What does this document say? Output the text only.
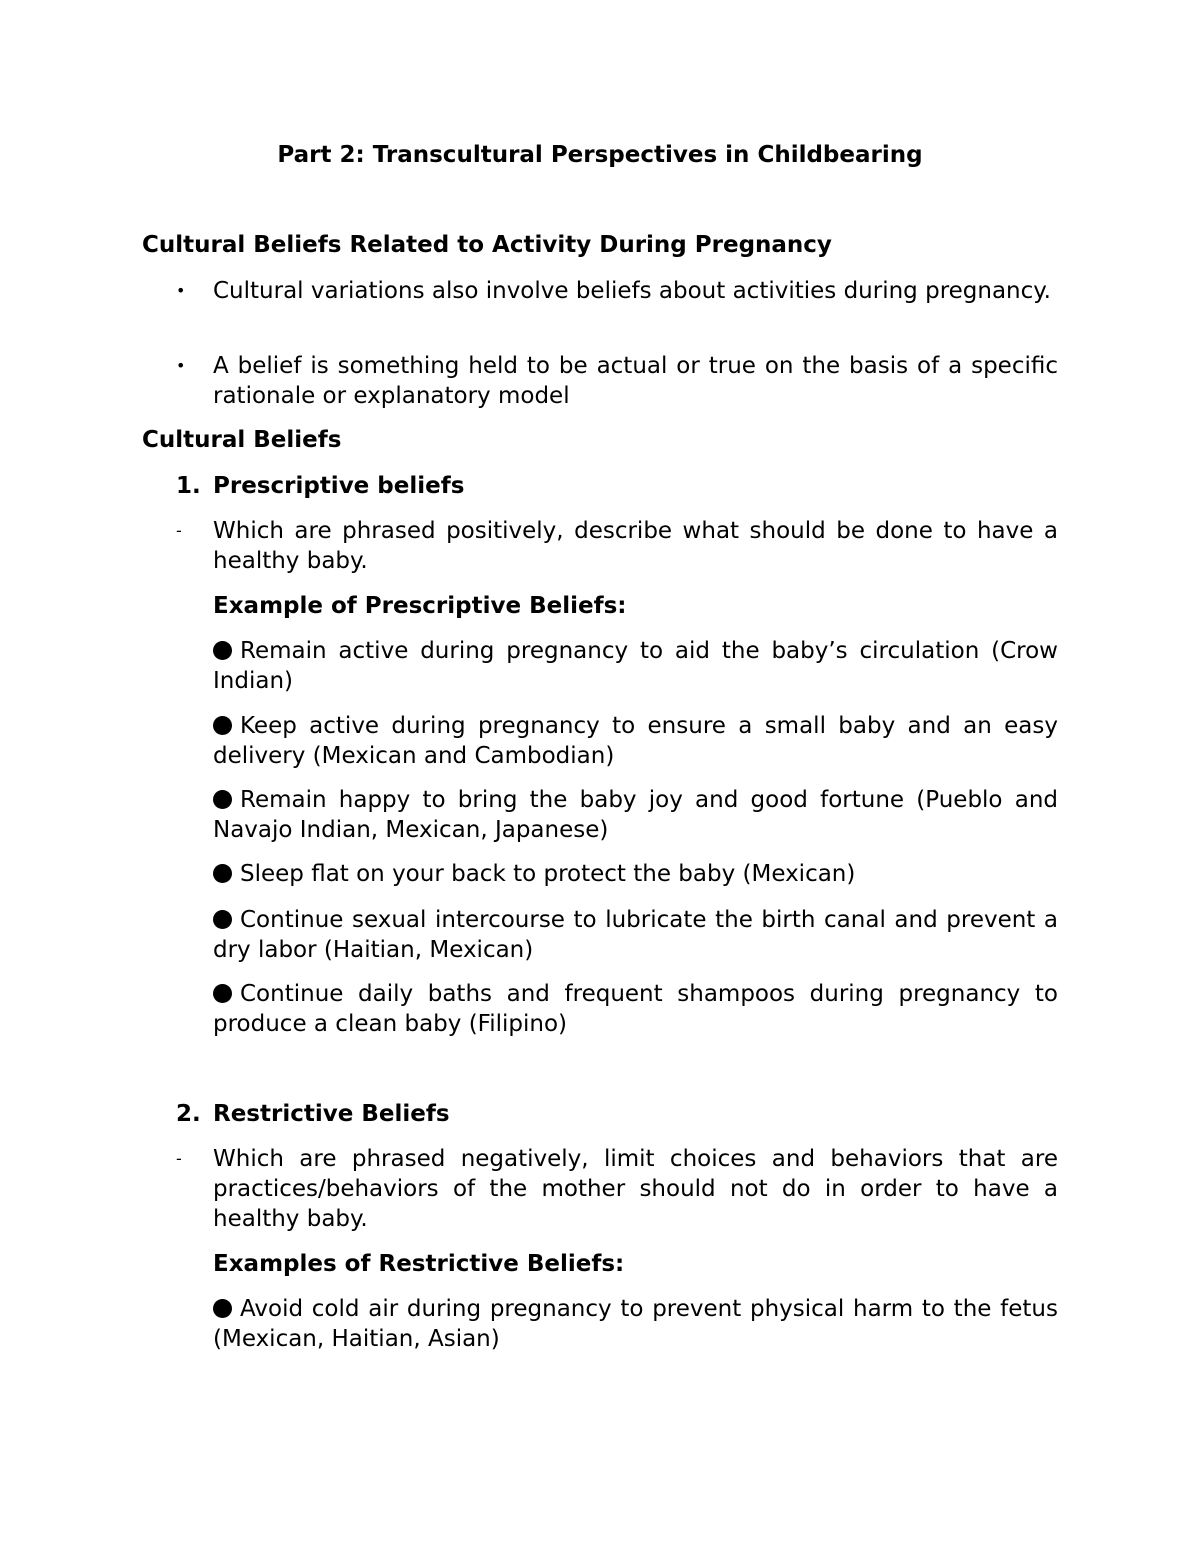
Part 2: Transcultural Perspectives in Childbearing
Cultural Beliefs Related to Activity During Pregnancy
• Cultural variations also involve beliefs about activities during pregnancy.
• A belief is something held to be actual or true on the basis of a specific rationale or explanatory model
Cultural Beliefs
1. Prescriptive beliefs
- Which are phrased positively, describe what should be done to have a healthy baby.
Example of Prescriptive Beliefs:
Remain active during pregnancy to aid the baby’s circulation (Crow Indian)
Keep active during pregnancy to ensure a small baby and an easy delivery (Mexican and Cambodian)
Remain happy to bring the baby joy and good fortune (Pueblo and Navajo Indian, Mexican, Japanese)
Sleep flat on your back to protect the baby (Mexican)
Continue sexual intercourse to lubricate the birth canal and prevent a dry labor (Haitian, Mexican)
Continue daily baths and frequent shampoos during pregnancy to produce a clean baby (Filipino)
2. Restrictive Beliefs
- Which are phrased negatively, limit choices and behaviors that are practices/behaviors of the mother should not do in order to have a healthy baby.
Examples of Restrictive Beliefs:
Avoid cold air during pregnancy to prevent physical harm to the fetus (Mexican, Haitian, Asian)
